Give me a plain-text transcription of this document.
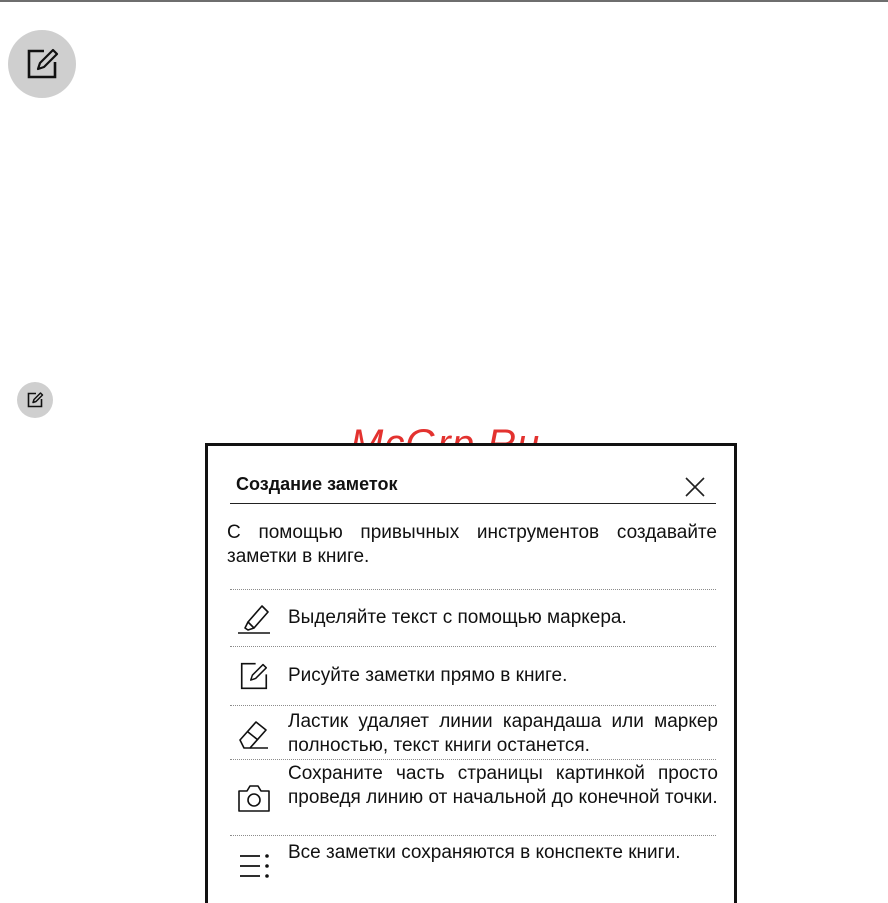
Создание заметок
С помощью привычных инструментов создавайте заметки в книге.
Выделяйте текст с помощью маркера.
Рисуйте заметки прямо в книге.
Ластик удаляет линии карандаша или маркер полностью, текст книги останется.
Сохраните часть страницы картинкой просто проведя линию от начальной до конечной точки.
Все заметки сохраняются в конспекте книги.
